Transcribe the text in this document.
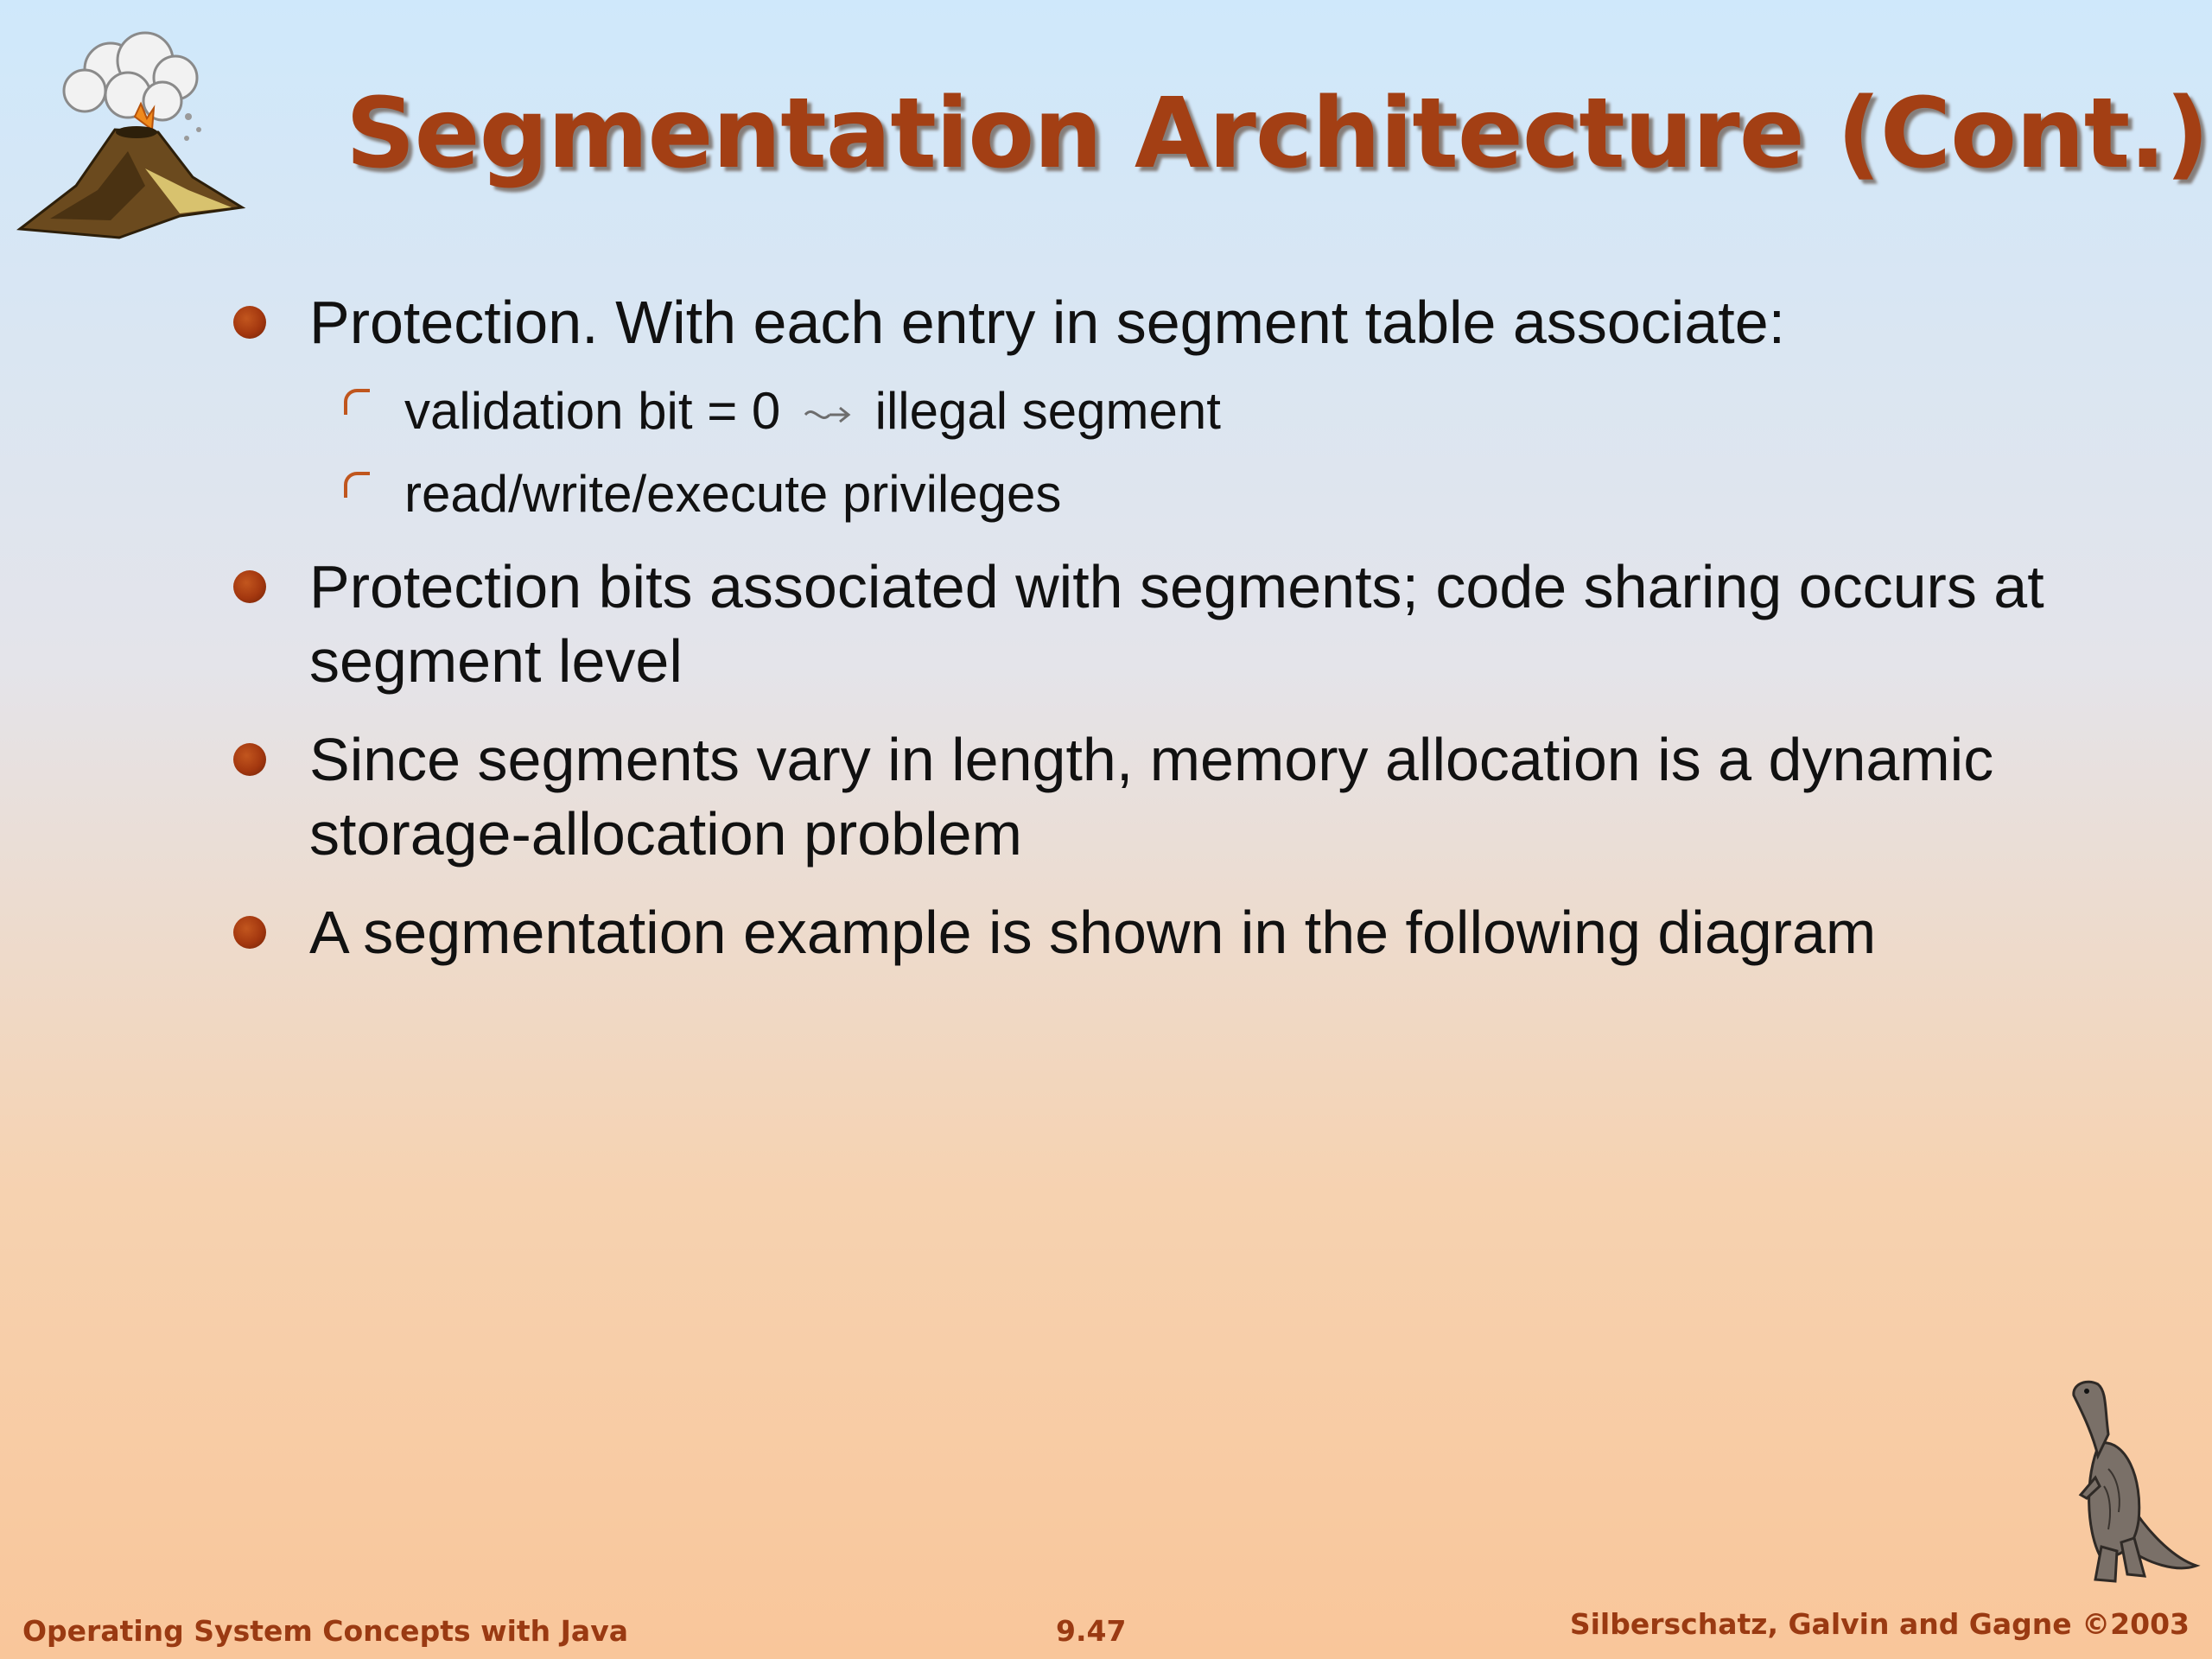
Segmentation Architecture (Cont.)
Protection. With each entry in segment table associate:
validation bit = 0 illegal segment
read/write/execute privileges
Protection bits associated with segments; code sharing occurs at segment level
Since segments vary in length, memory allocation is a dynamic storage-allocation problem
A segmentation example is shown in the following diagram
Operating System Concepts with Java	9.47	Silberschatz, Galvin and Gagne ©2003
